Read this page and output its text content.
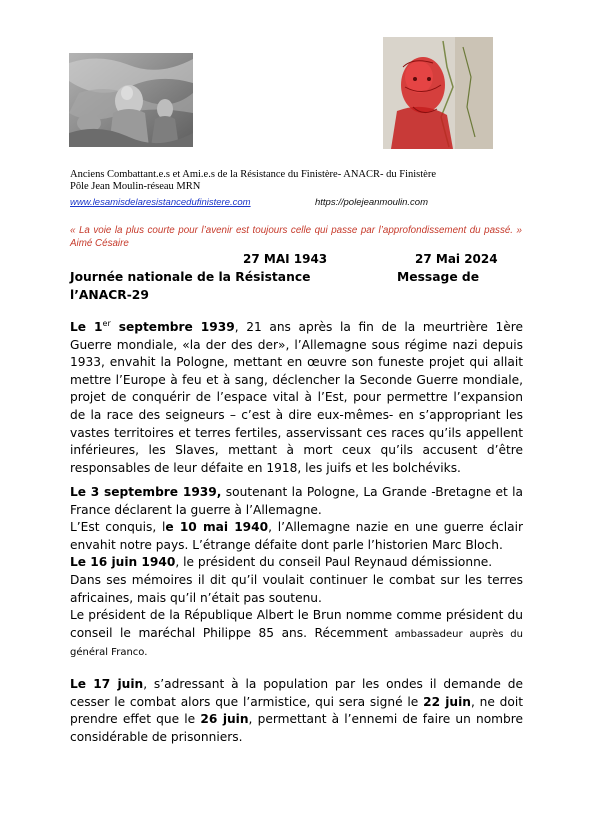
Anciens Combattant.e.s et Ami.e.s de la Résistance du Finistère- ANACR- du Finistère
Pôle Jean Moulin-réseau MRN
www.lesamisdelaresistancedufinistere.com	https://polejeanmoulin.com
« La voie la plus courte pour l’avenir est toujours celle qui passe par l’approfondissement du passé. » Aimé Césaire
27 MAI 1943	27 Mai 2024
Journée nationale de la Résistance	Message de
l’ANACR-29

Le 1er septembre 1939, 21 ans après la fin de la meurtrière 1ère Guerre mondiale, «la der des der», l’Allemagne sous régime nazi depuis 1933, envahit la Pologne, mettant en œuvre son funeste projet qui allait mettre l’Europe à feu et à sang, déclencher la Seconde Guerre mondiale, projet de conquérir de l’espace vital à l’Est, pour permettre l’expansion de la race des seigneurs – c’est à dire eux-mêmes- en s’appropriant les vastes territoires et terres fertiles, asservissant ces races qu’ils appellent inférieures, les Slaves, mettant à mort ceux qu’ils accusent d’être responsables de leur défaite en 1918, les juifs et les bolchéviks.

Le 3 septembre 1939, soutenant la Pologne, La Grande -Bretagne et la France déclarent la guerre à l’Allemagne.

L’Est conquis, le 10 mai 1940, l’Allemagne nazie en une guerre éclair envahit notre pays. L’étrange défaite dont parle l’historien Marc Bloch.

Le 16 juin 1940, le président du conseil Paul Reynaud démissionne.

Dans ses mémoires il dit qu’il voulait continuer le combat sur les terres africaines, mais qu’il n’était pas soutenu.

Le président de la République Albert le Brun nomme comme président du conseil le maréchal Philippe 85 ans. Récemment ambassadeur auprès du général Franco.

Le 17 juin, s’adressant à la population par les ondes il demande de cesser le combat alors que l’armistice, qui sera signé le 22 juin, ne doit prendre effet que le 26 juin, permettant à l’ennemi de faire un nombre considérable de prisonniers.
